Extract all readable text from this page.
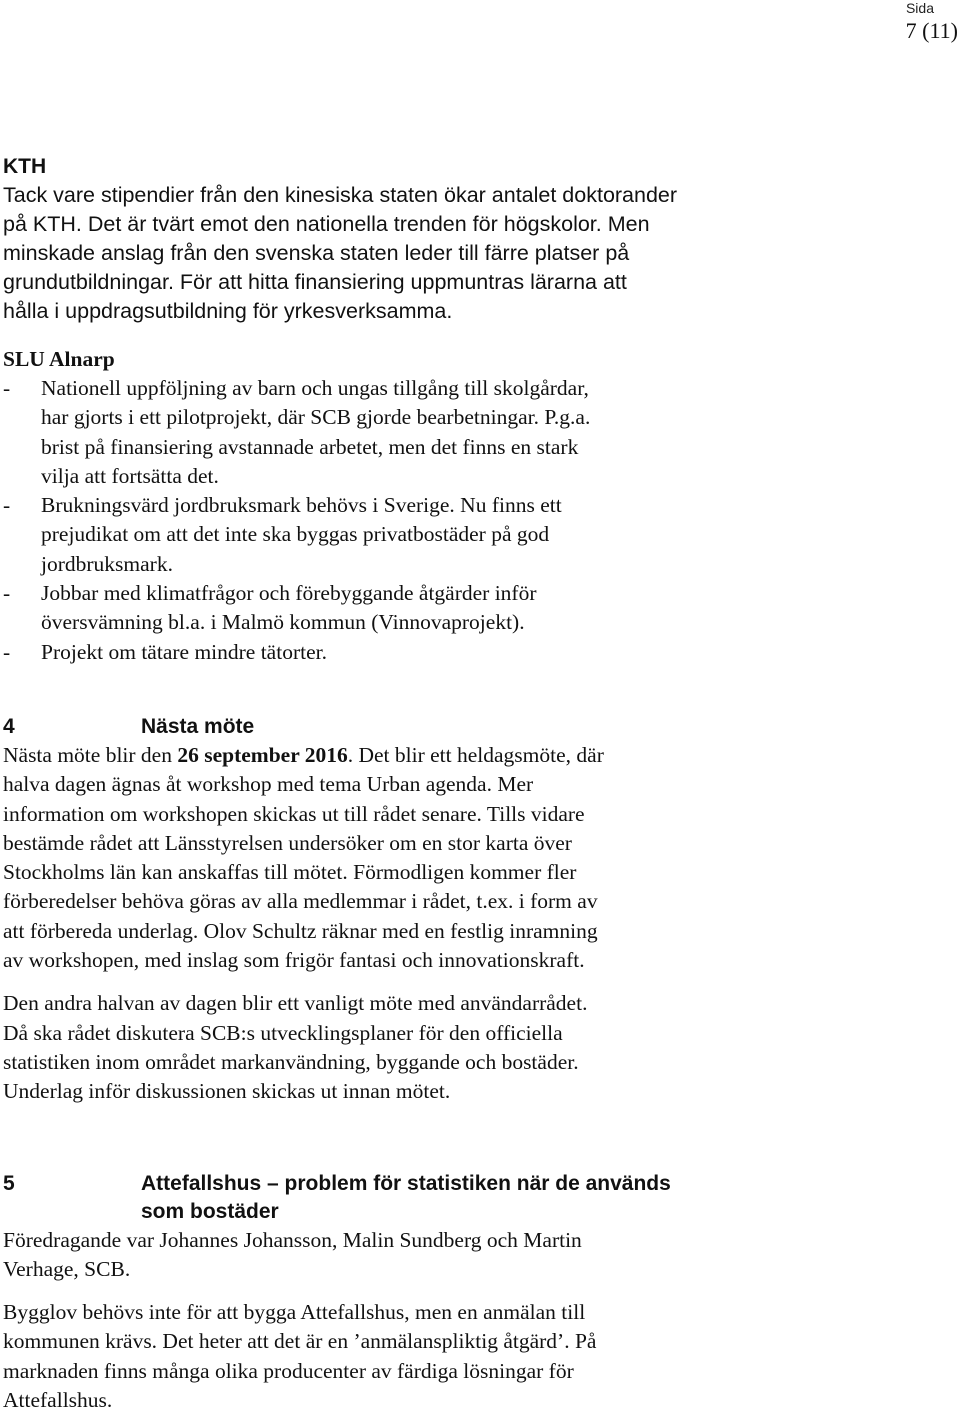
Sida
7 (11)
KTH
Tack vare stipendier från den kinesiska staten ökar antalet doktorander
på KTH. Det är tvärt emot den nationella trenden för högskolor. Men
minskade anslag från den svenska staten leder till färre platser på
grundutbildningar. För att hitta finansiering uppmuntras lärarna att
hålla i uppdragsutbildning för yrkesverksamma.
SLU Alnarp
- Nationell uppföljning av barn och ungas tillgång till skolgårdar,
har gjorts i ett pilotprojekt, där SCB gjorde bearbetningar. P.g.a.
brist på finansiering avstannade arbetet, men det finns en stark
vilja att fortsätta det.
- Brukningsvärd jordbruksmark behövs i Sverige. Nu finns ett
prejudikat om att det inte ska byggas privatbostäder på god
jordbruksmark.
- Jobbar med klimatfrågor och förebyggande åtgärder inför
översvämning bl.a. i Malmö kommun (Vinnovaprojekt).
- Projekt om tätare mindre tätorter.
4	Nästa möte
Nästa möte blir den 26 september 2016. Det blir ett heldagsmöte, där
halva dagen ägnas åt workshop med tema Urban agenda. Mer
information om workshopen skickas ut till rådet senare. Tills vidare
bestämde rådet att Länsstyrelsen undersöker om en stor karta över
Stockholms län kan anskaffas till mötet. Förmodligen kommer fler
förberedelser behöva göras av alla medlemmar i rådet, t.ex. i form av
att förbereda underlag. Olov Schultz räknar med en festlig inramning
av workshopen, med inslag som frigör fantasi och innovationskraft.
Den andra halvan av dagen blir ett vanligt möte med användarrådet.
Då ska rådet diskutera SCB:s utvecklingsplaner för den officiella
statistiken inom området markanvändning, byggande och bostäder.
Underlag inför diskussionen skickas ut innan mötet.
5	Attefallshus – problem för statistiken när de används
som bostäder
Föredragande var Johannes Johansson, Malin Sundberg och Martin
Verhage, SCB.
Bygglov behövs inte för att bygga Attefallshus, men en anmälan till
kommunen krävs. Det heter att det är en ’anmälanspliktig åtgärd’. På
marknaden finns många olika producenter av färdiga lösningar för
Attefallshus.
